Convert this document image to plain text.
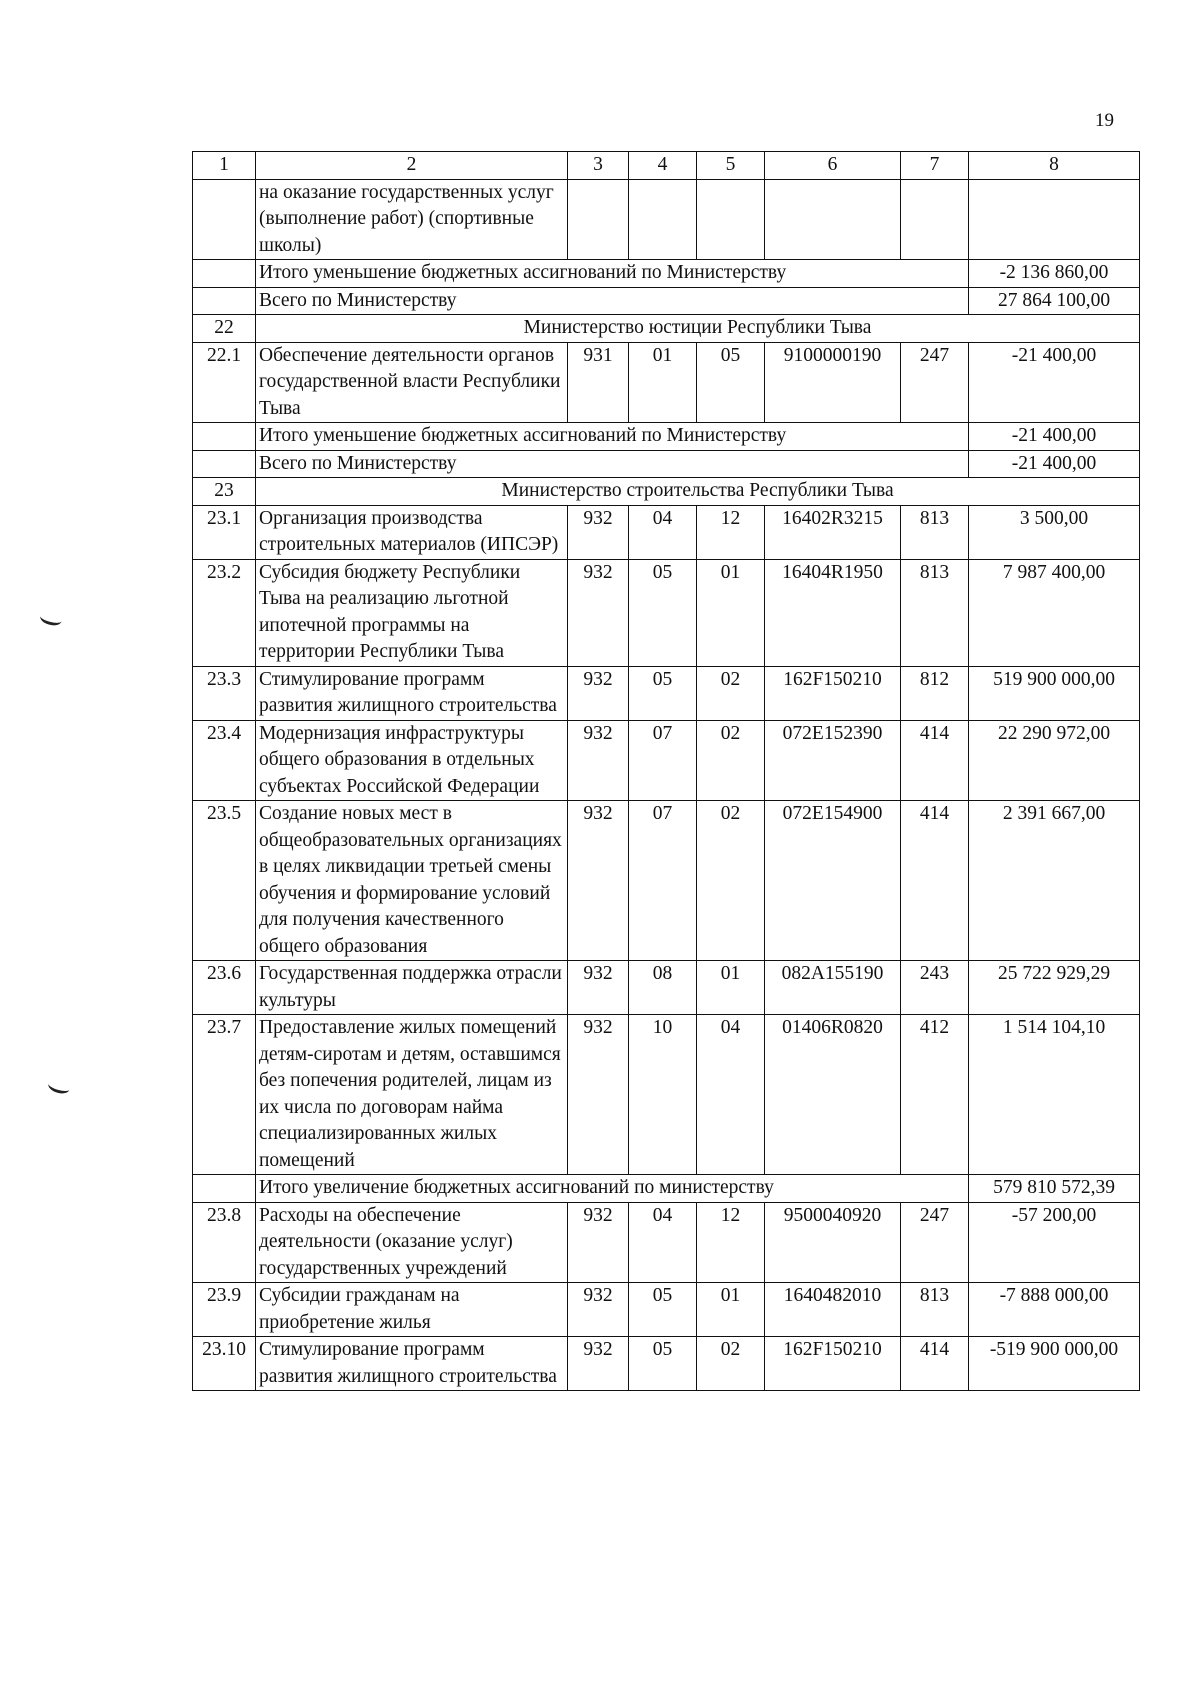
19
1	2	3	4	5	6	7	8
	на оказание государственных услуг (выполнение работ) (спортивные школы)						
	Итого уменьшение бюджетных ассигнований по Министерству						-2 136 860,00
	Всего по Министерству						27 864 100,00
22	Министерство юстиции Республики Тыва						
22.1	Обеспечение деятельности органов государственной власти Республики Тыва	931	01	05	9100000190	247	-21 400,00
	Итого уменьшение бюджетных ассигнований по Министерству						-21 400,00
	Всего по Министерству						-21 400,00
23	Министерство строительства Республики Тыва						
23.1	Организация производства строительных материалов (ИПСЭР)	932	04	12	16402R3215	813	3 500,00
23.2	Субсидия бюджету Республики Тыва на реализацию льготной ипотечной программы на территории Республики Тыва	932	05	01	16404R1950	813	7 987 400,00
23.3	Стимулирование программ развития жилищного строительства	932	05	02	162F150210	812	519 900 000,00
23.4	Модернизация инфраструктуры общего образования в отдельных субъектах Российской Федерации	932	07	02	072E152390	414	22 290 972,00
23.5	Создание новых мест в общеобразовательных организациях в целях ликвидации третьей смены обучения и формирование условий для получения качественного общего образования	932	07	02	072E154900	414	2 391 667,00
23.6	Государственная поддержка отрасли культуры	932	08	01	082A155190	243	25 722 929,29
23.7	Предоставление жилых помещений детям-сиротам и детям, оставшимся без попечения родителей, лицам из их числа по договорам найма специализированных жилых помещений	932	10	04	01406R0820	412	1 514 104,10
	Итого увеличение бюджетных ассигнований по министерству						579 810 572,39
23.8	Расходы на обеспечение деятельности (оказание услуг) государственных учреждений	932	04	12	9500040920	247	-57 200,00
23.9	Субсидии гражданам на приобретение жилья	932	05	01	1640482010	813	-7 888 000,00
23.10	Стимулирование программ развития жилищного строительства	932	05	02	162F150210	414	-519 900 000,00
